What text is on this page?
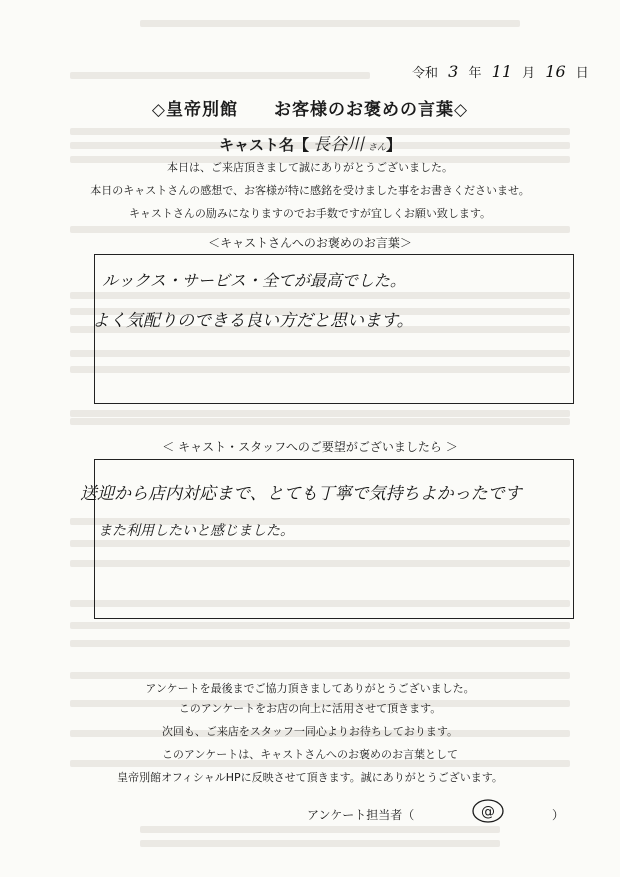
令和 3 年 11 月 16 日
◇皇帝別館　　お客様のお褒めの言葉◇
キャスト名【 長谷川 さん】
本日は、ご来店頂きまして誠にありがとうございました。
本日のキャストさんの感想で、お客様が特に感銘を受けました事をお書きくださいませ。
キャストさんの励みになりますのでお手数ですが宜しくお願い致します。
＜キャストさんへのお褒めのお言葉＞
ルックス・サービス・全てが最高でした。
よく気配りのできる良い方だと思います。
＜ キャスト・スタッフへのご要望がございましたら ＞
送迎から店内対応まで、とても丁寧で気持ちよかったです
また利用したいと感じました。
アンケートを最後までご協力頂きましてありがとうございました。
このアンケートをお店の向上に活用させて頂きます。
次回も、ご来店をスタッフ一同心よりお待ちしております。
このアンケートは、キャストさんへのお褒めのお言葉として
皇帝別館オフィシャルHPに反映させて頂きます。誠にありがとうございます。
アンケート担当者（	@	）
